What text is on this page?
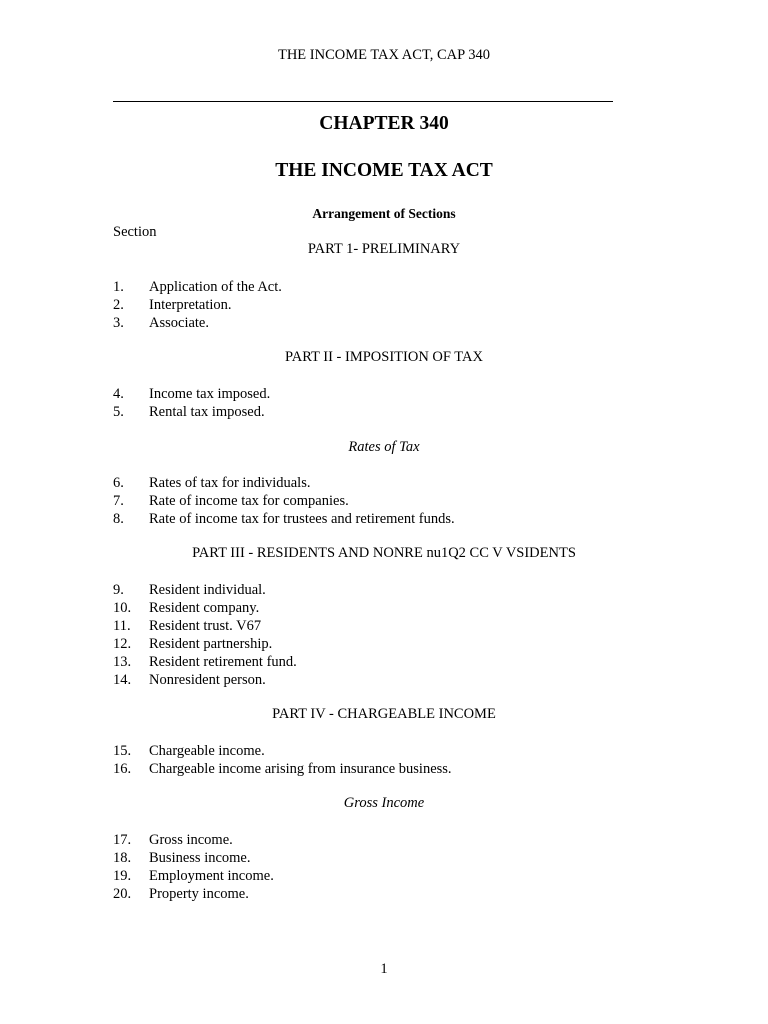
THE INCOME TAX ACT, CAP 340
CHAPTER 340
THE INCOME TAX ACT
Arrangement of Sections
Section
PART 1- PRELIMINARY
1. Application of the Act.
2. Interpretation.
3. Associate.
PART II - IMPOSITION OF TAX
4. Income tax imposed.
5. Rental tax imposed.
Rates of Tax
6. Rates of tax for individuals.
7. Rate of income tax for companies.
8. Rate of income tax for trustees and retirement funds.
PART III - RESIDENTS AND NONRE nu1Q2 CC V VSIDENTS
9. Resident individual.
10. Resident company.
11. Resident trust. V67
12. Resident partnership.
13. Resident retirement fund.
14. Nonresident person.
PART IV - CHARGEABLE INCOME
15. Chargeable income.
16. Chargeable income arising from insurance business.
Gross Income
17. Gross income.
18. Business income.
19. Employment income.
20. Property income.
1
